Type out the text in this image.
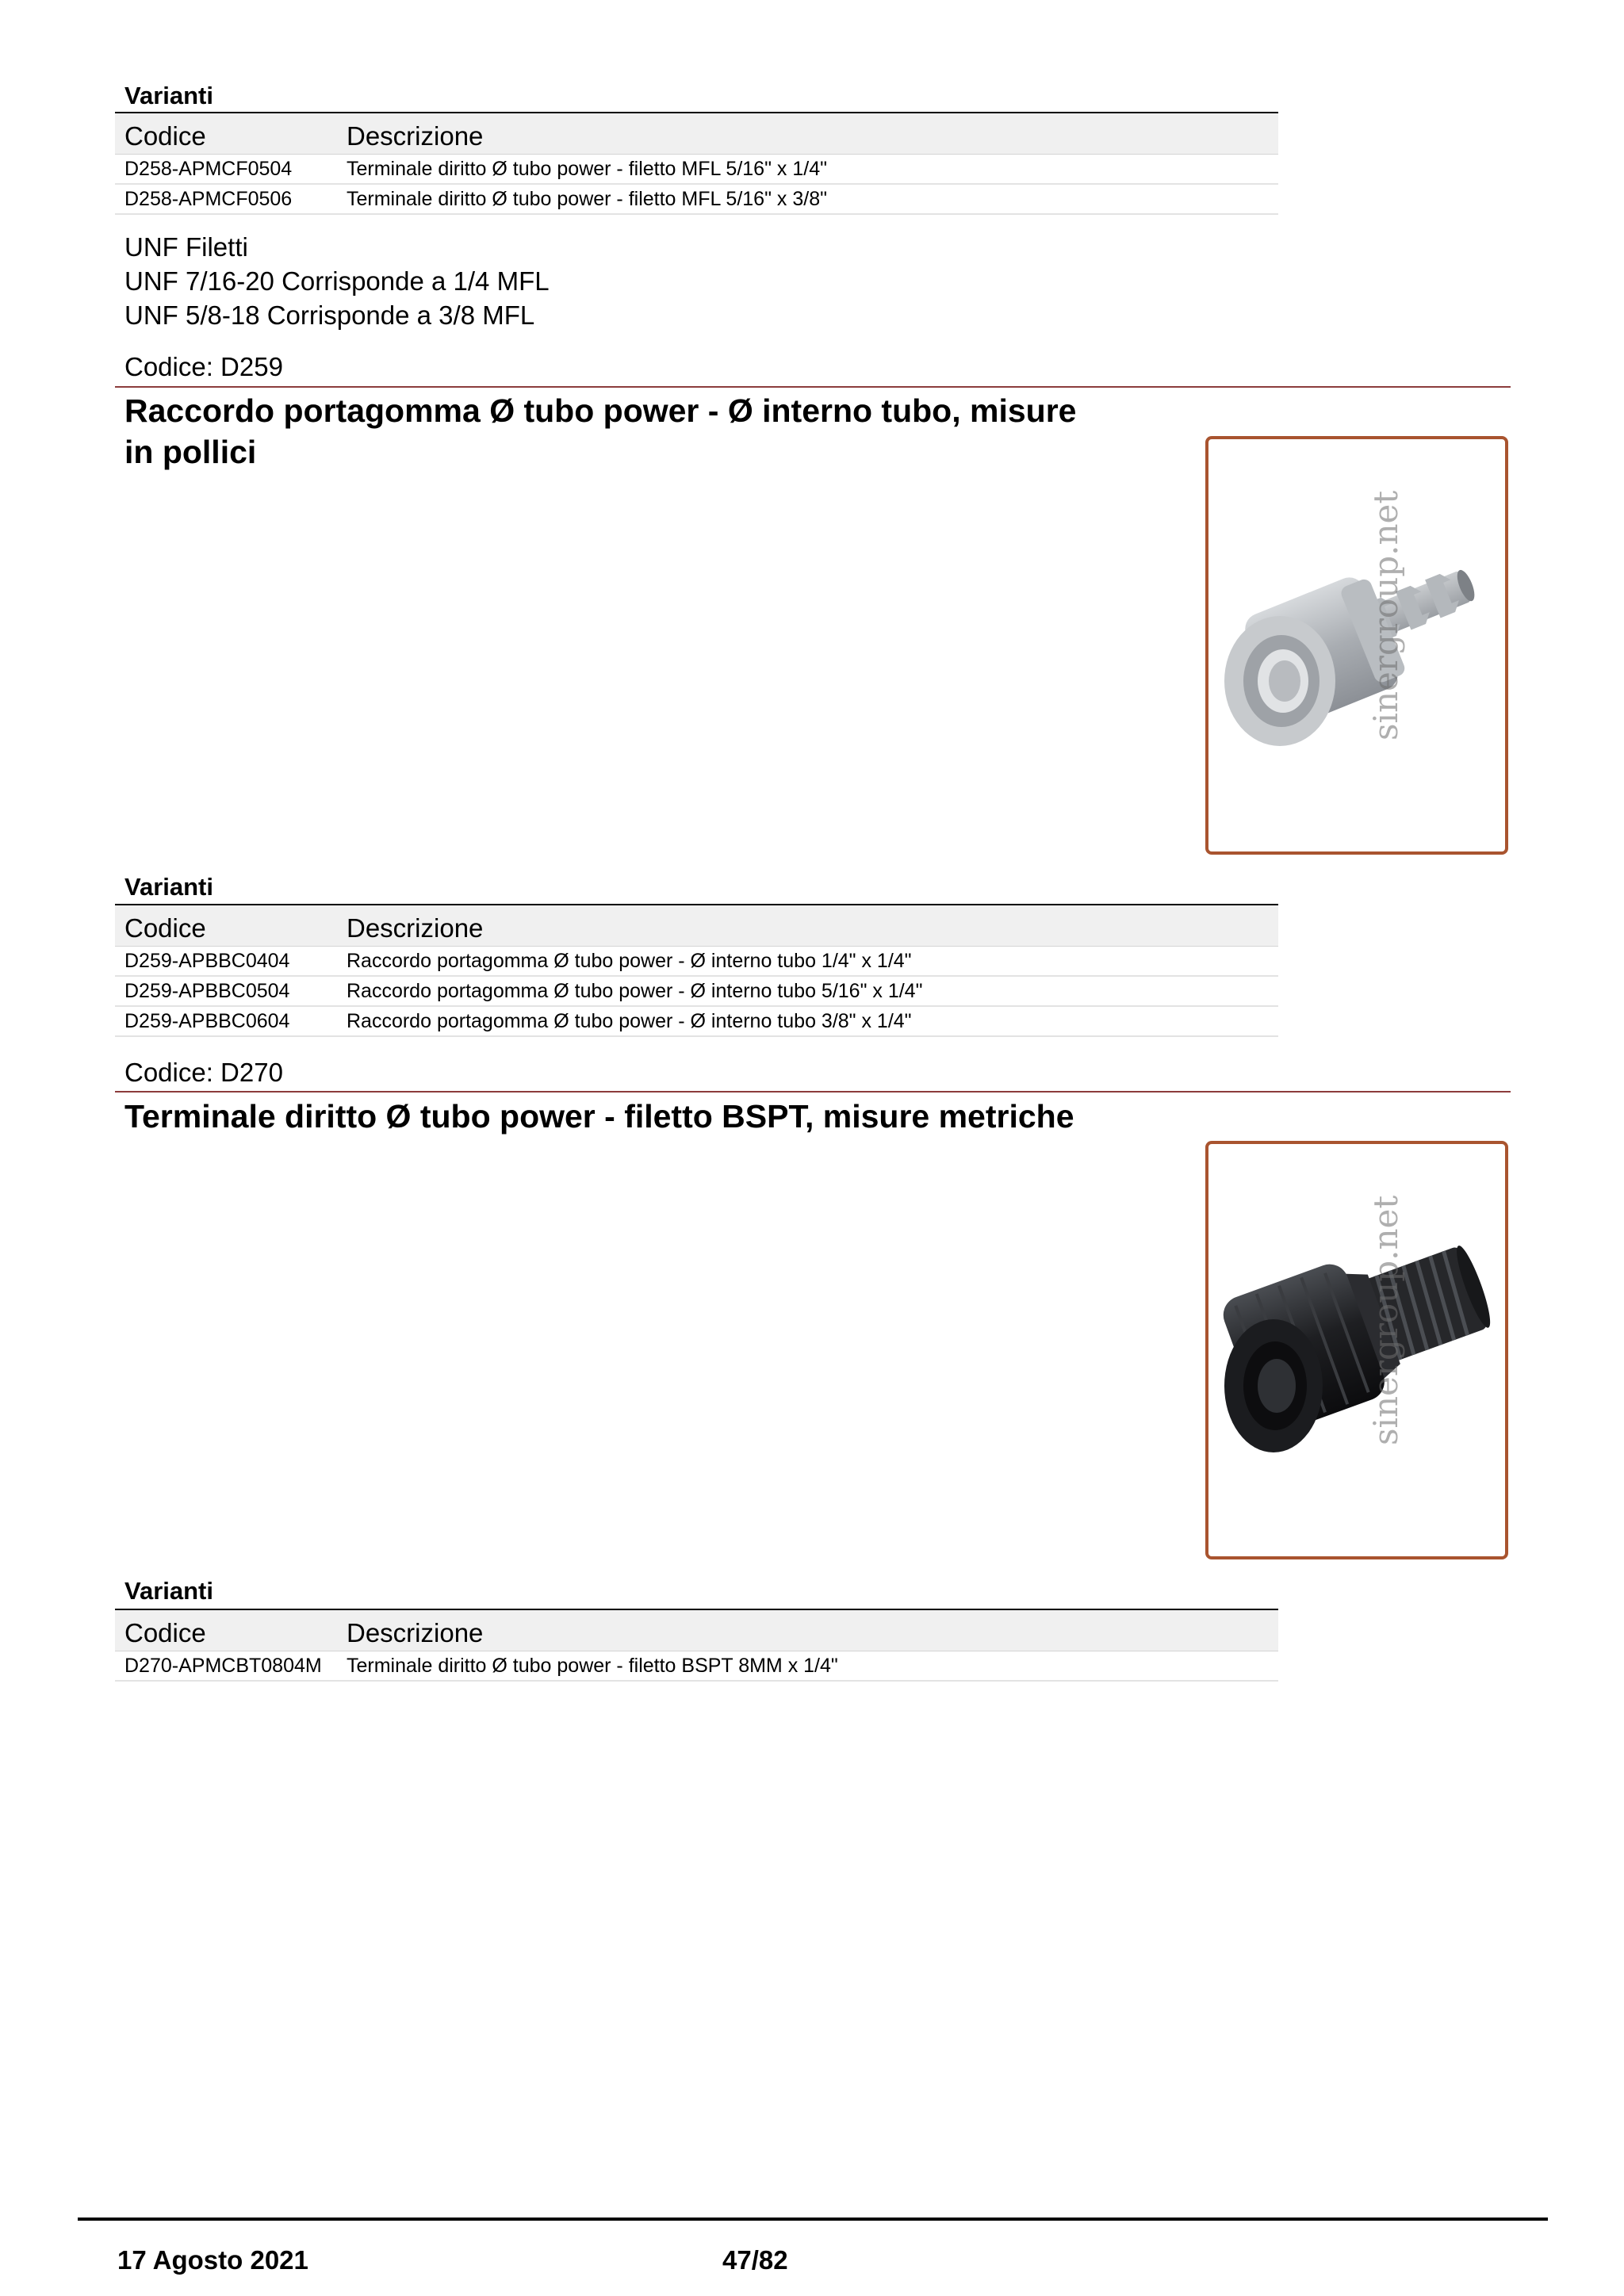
Varianti
Codice	Descrizione
D258-APMCF0504	Terminale diritto Ø tubo power - filetto MFL 5/16" x 1/4"
D258-APMCF0506	Terminale diritto Ø tubo power - filetto MFL 5/16" x 3/8"
UNF Filetti
UNF 7/16-20 Corrisponde a 1/4 MFL
UNF 5/8-18 Corrisponde a 3/8 MFL
Codice: D259
Raccordo portagomma Ø tubo power - Ø interno tubo, misure
in pollici
sinergroup.net
Varianti
Codice	Descrizione
D259-APBBC0404	Raccordo portagomma Ø tubo power - Ø interno tubo 1/4" x 1/4"
D259-APBBC0504	Raccordo portagomma Ø tubo power - Ø interno tubo 5/16" x 1/4"
D259-APBBC0604	Raccordo portagomma Ø tubo power - Ø interno tubo 3/8" x 1/4"
Codice: D270
Terminale diritto Ø tubo power - filetto BSPT, misure metriche
sinergroup.net
Varianti
Codice	Descrizione
D270-APMCBT0804M	Terminale diritto Ø tubo power - filetto BSPT 8MM x 1/4"
17 Agosto 2021	47/82
